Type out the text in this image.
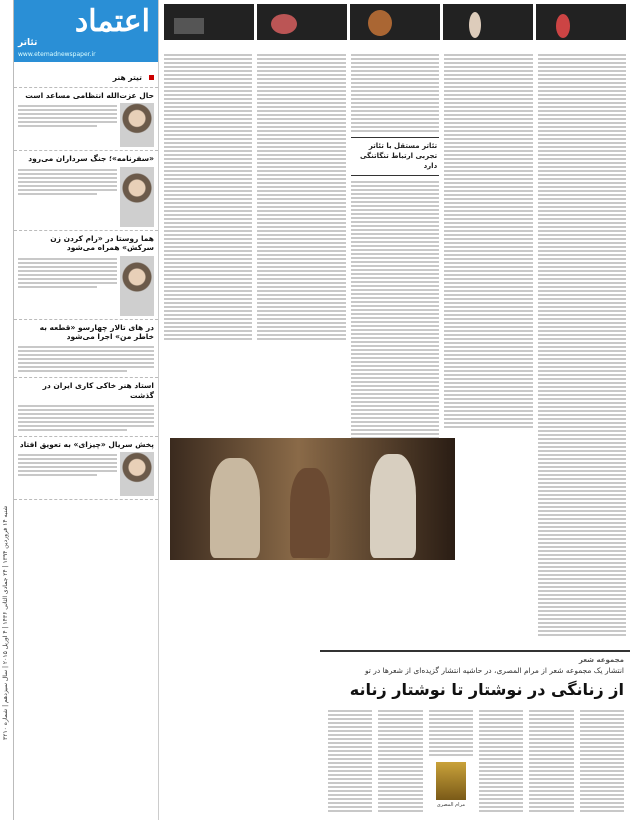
شنبه ۱۴ فروردین ۱۳۹۴ | ۲۴ جمادی الثانی ۱۴۳۶ | ۴ آوریل ۲۰۱۵ | سال سیزدهم | شماره ۳۲۱۰
اعتماد
تئاتر
www.etemadnewspaper.ir
تیتر هنر
حال عزت‌الله انتظامی مساعد است
«سفرنامه»؛ جنگ سرداران می‌رود
هما روستا در «رام کردن زن سرکش» همراه می‌شود
در های تالار چهارسو «قطعه‌ به خاطر من» اجرا می‌شود
استاد هنر خاکی کاری ایران در گذشت
پخش سریال «چیزای» به تعویق افتاد
تئاتر مستقل با تئاتر تجربی ارتباط تنگاتنگی دارد
مجموعه شعر
انتشار یک مجموعه شعر از مرام المصری، در حاشیه انتشار گزیده‌ای از شعرها در تو
از زنانگی در نوشتار تا نوشتار زنانه
مرام المصری
